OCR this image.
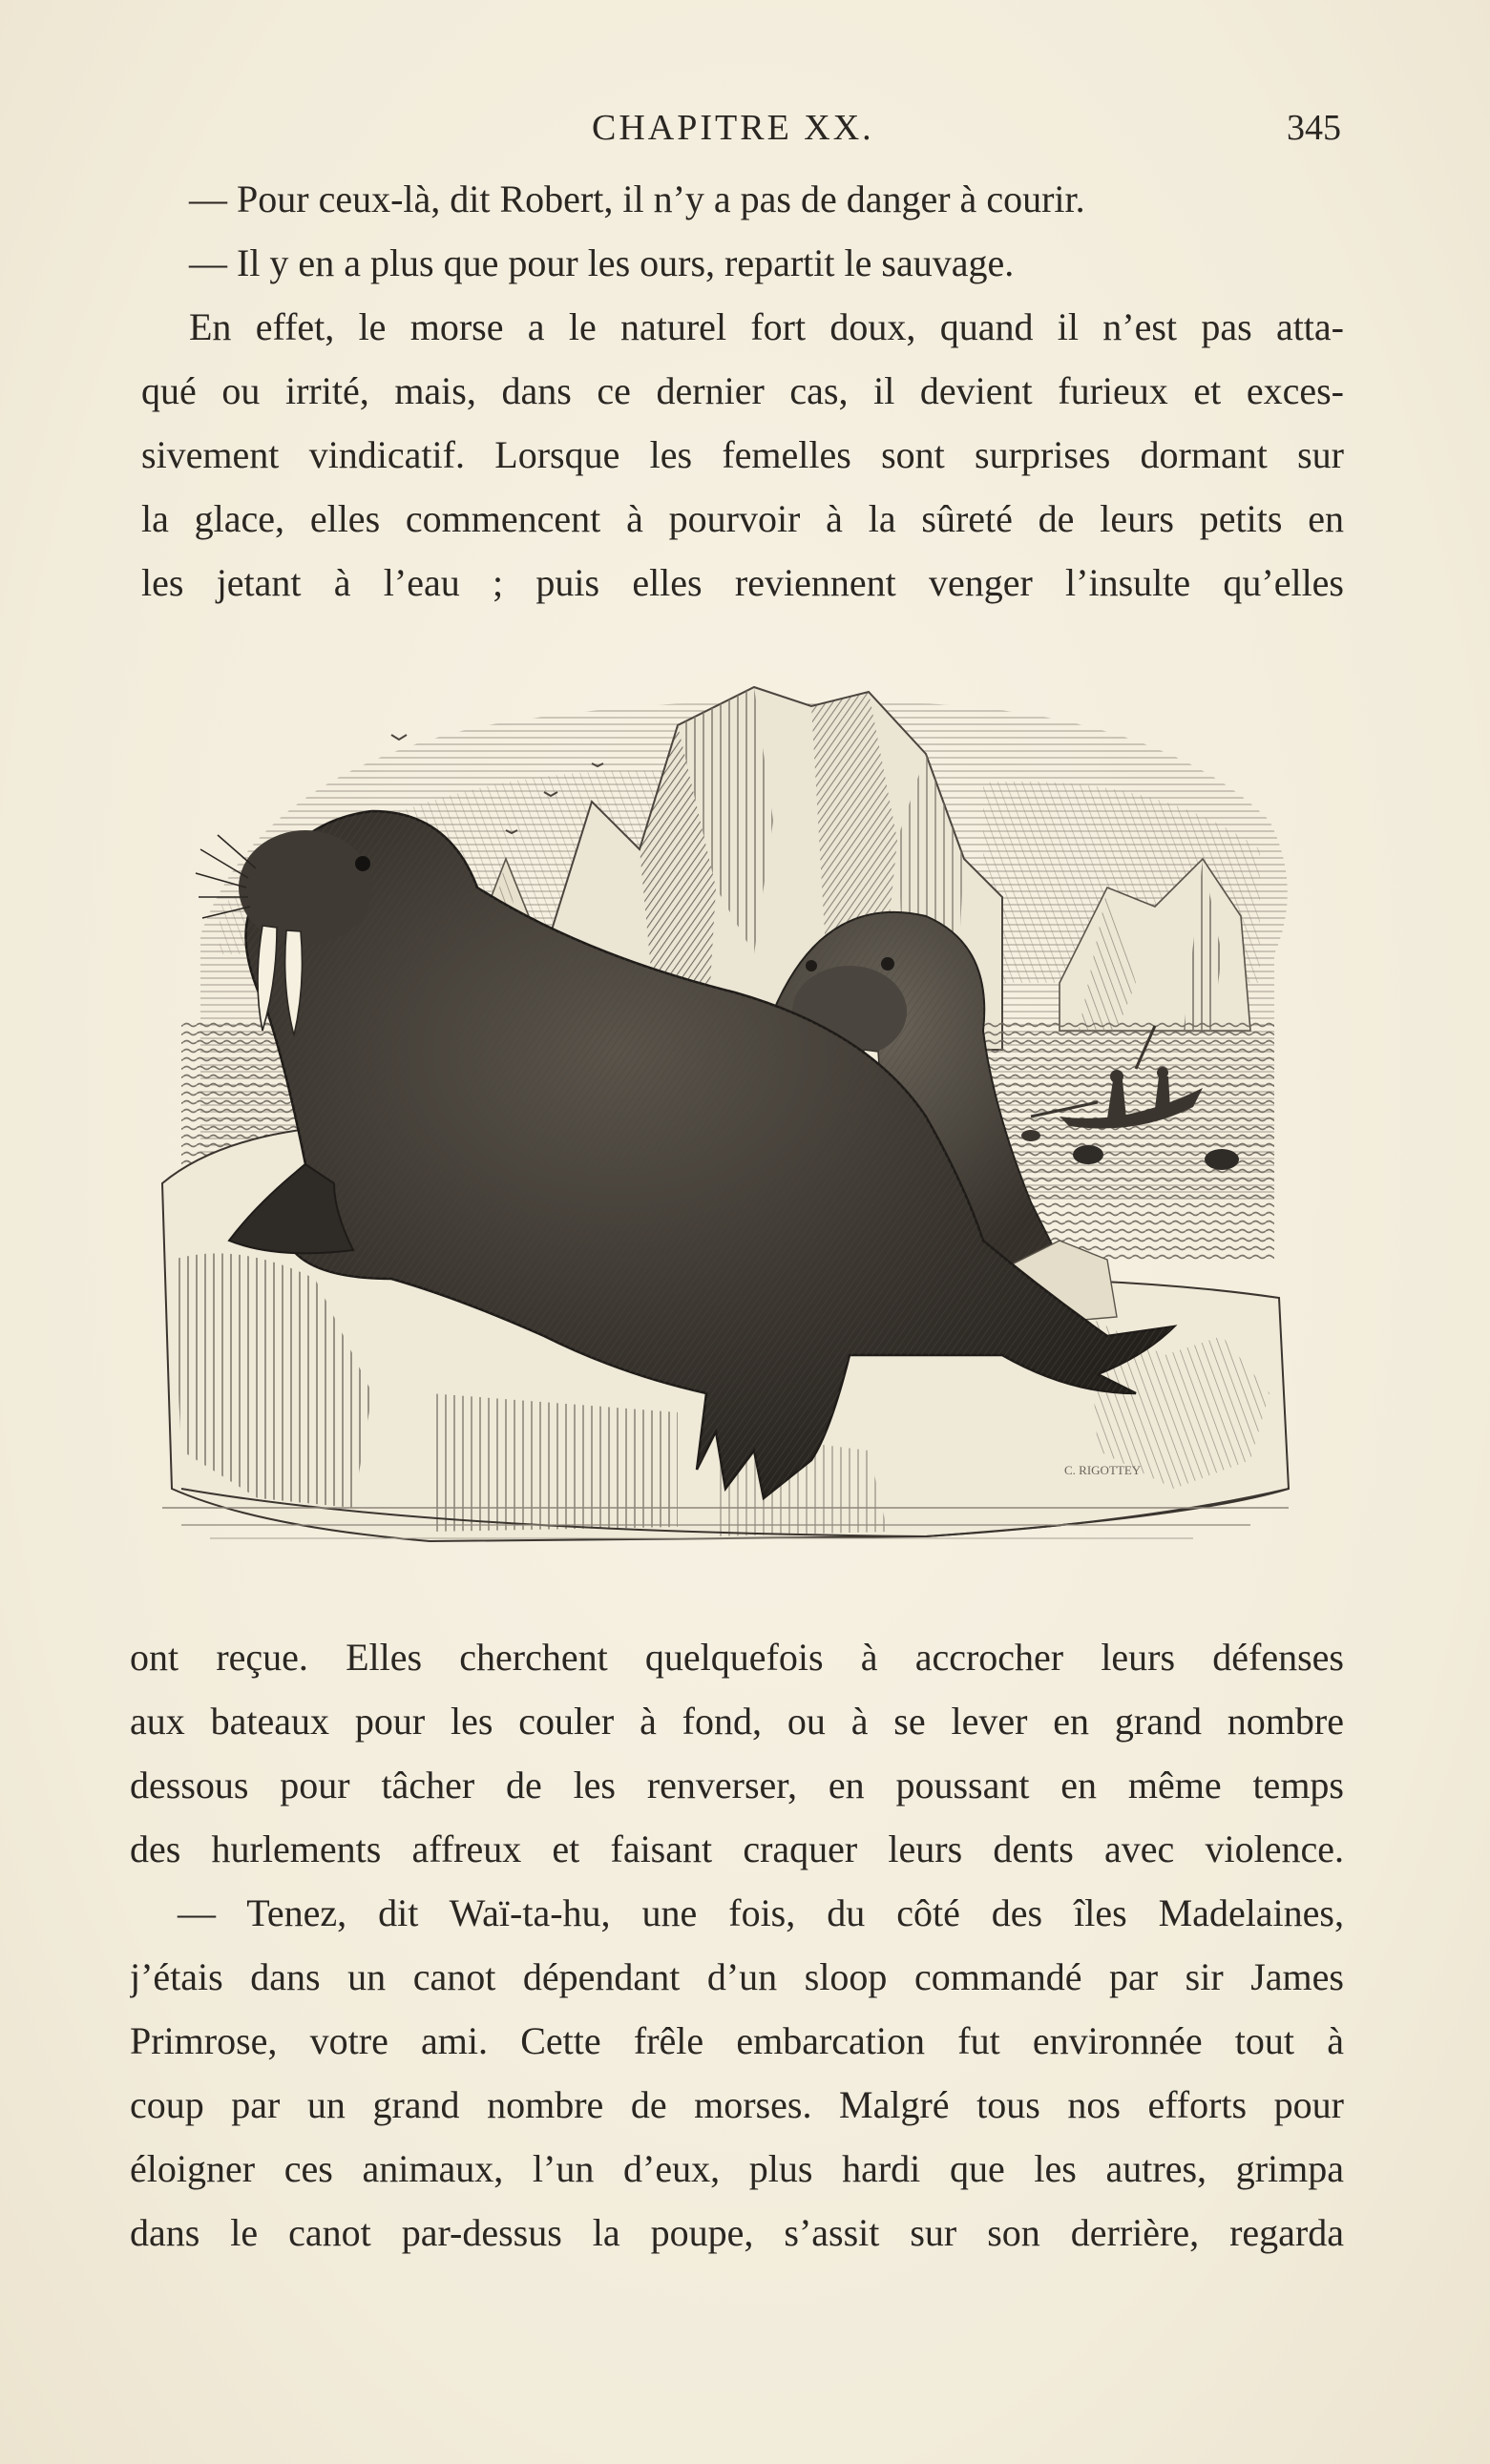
CHAPITRE XX.	345
— Pour ceux-là, dit Robert, il n’y a pas de danger à courir.
— Il y en a plus que pour les ours, repartit le sauvage.
En effet, le morse a le naturel fort doux, quand il n’est pas atta-
qué ou irrité, mais, dans ce dernier cas, il devient furieux et exces-
sivement vindicatif. Lorsque les femelles sont surprises dormant sur
la glace, elles commencent à pourvoir à la sûreté de leurs petits en
les jetant à l’eau ; puis elles reviennent venger l’insulte qu’elles
C. RIGOTTEY
ont reçue. Elles cherchent quelquefois à accrocher leurs défenses
aux bateaux pour les couler à fond, ou à se lever en grand nombre
dessous pour tâcher de les renverser, en poussant en même temps
des hurlements affreux et faisant craquer leurs dents avec violence.
— Tenez, dit Waï-ta-hu, une fois, du côté des îles Madelaines,
j’étais dans un canot dépendant d’un sloop commandé par sir James
Primrose, votre ami. Cette frêle embarcation fut environnée tout à
coup par un grand nombre de morses. Malgré tous nos efforts pour
éloigner ces animaux, l’un d’eux, plus hardi que les autres, grimpa
dans le canot par-dessus la poupe, s’assit sur son derrière, regarda
